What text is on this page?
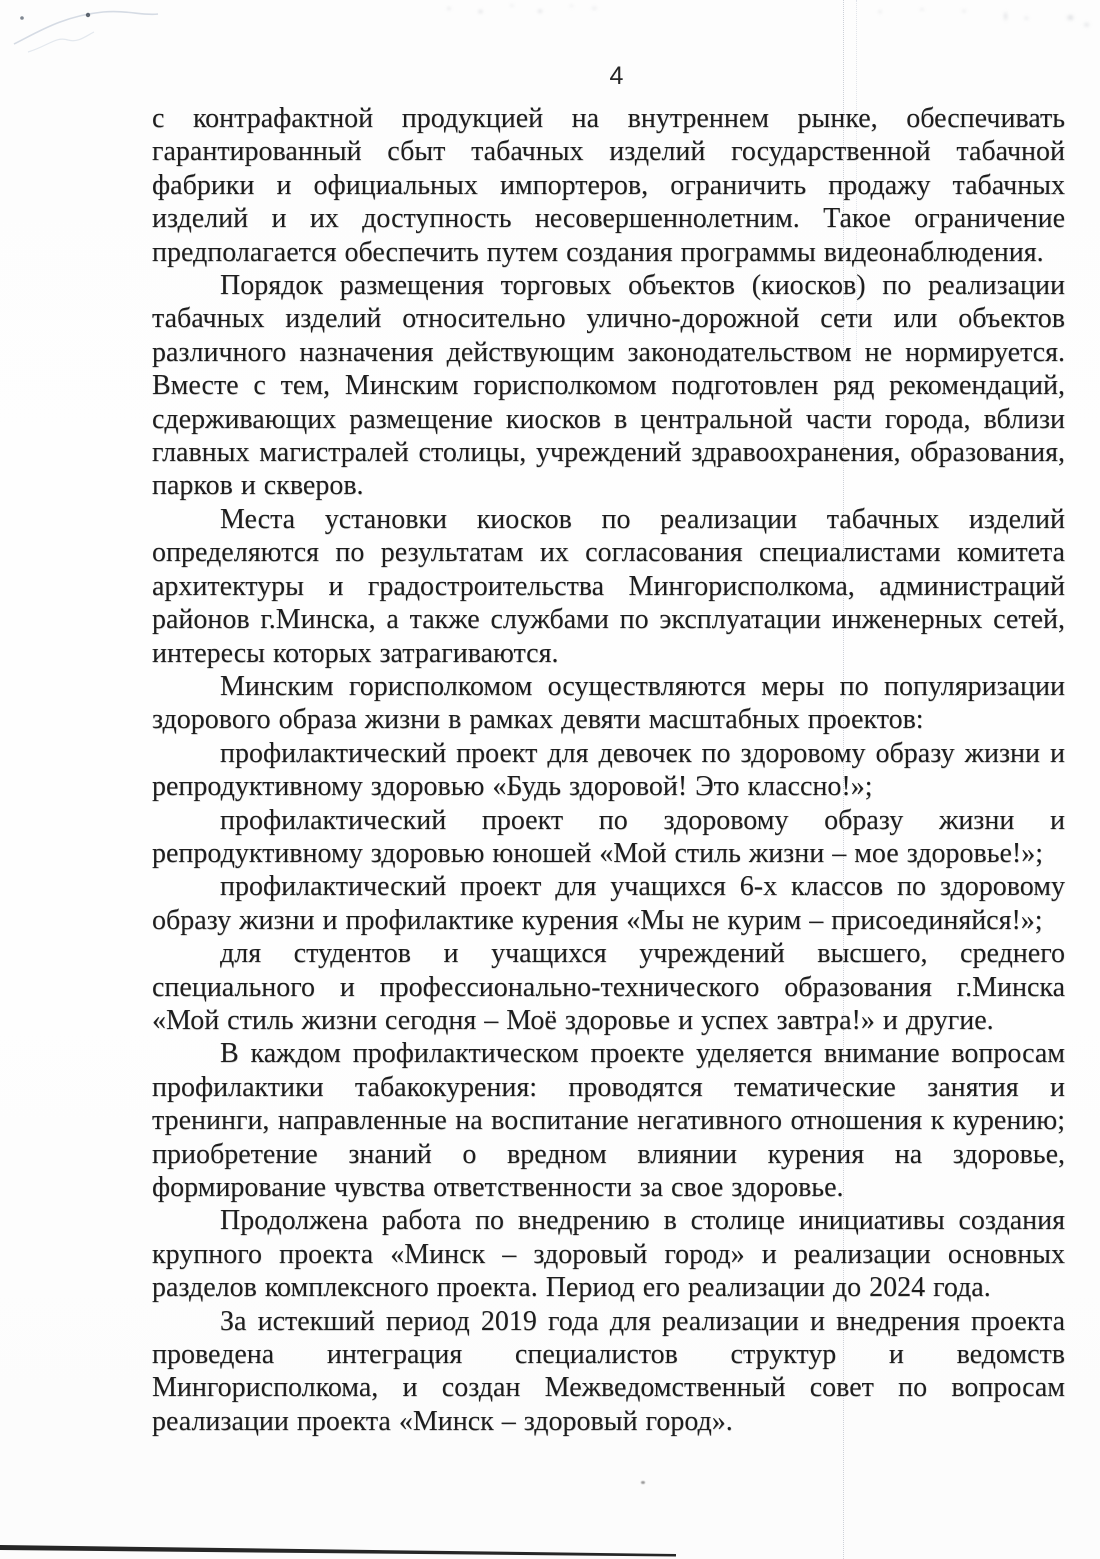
4

с контрафактной продукцией на внутреннем рынке, обеспечивать гарантированный сбыт табачных изделий государственной табачной фабрики и официальных импортеров, ограничить продажу табачных изделий и их доступность несовершеннолетним. Такое ограничение предполагается обеспечить путем создания программы видеонаблюдения.

Порядок размещения торговых объектов (киосков) по реализации табачных изделий относительно улично-дорожной сети или объектов различного назначения действующим законодательством не нормируется. Вместе с тем, Минским горисполкомом подготовлен ряд рекомендаций, сдерживающих размещение киосков в центральной части города, вблизи главных магистралей столицы, учреждений здравоохранения, образования, парков и скверов.

Места установки киосков по реализации табачных изделий определяются по результатам их согласования специалистами комитета архитектуры и градостроительства Мингорисполкома, администраций районов г.Минска, а также службами по эксплуатации инженерных сетей, интересы которых затрагиваются.

Минским горисполкомом осуществляются меры по популяризации здорового образа жизни в рамках девяти масштабных проектов:

профилактический проект для девочек по здоровому образу жизни и репродуктивному здоровью «Будь здоровой! Это классно!»;

профилактический проект по здоровому образу жизни и репродуктивному здоровью юношей «Мой стиль жизни – мое здоровье!»;

профилактический проект для учащихся 6-х классов по здоровому образу жизни и профилактике курения «Мы не курим – присоединяйся!»;

для студентов и учащихся учреждений высшего, среднего специального и профессионально-технического образования г.Минска «Мой стиль жизни сегодня – Моё здоровье и успех завтра!» и другие.

В каждом профилактическом проекте уделяется внимание вопросам профилактики табакокурения: проводятся тематические занятия и тренинги, направленные на воспитание негативного отношения к курению; приобретение знаний о вредном влиянии курения на здоровье, формирование чувства ответственности за свое здоровье.

Продолжена работа по внедрению в столице инициативы создания крупного проекта «Минск – здоровый город» и реализации основных разделов комплексного проекта. Период его реализации до 2024 года.

За истекший период 2019 года для реализации и внедрения проекта проведена интеграция специалистов структур и ведомств Мингорисполкома, и создан Межведомственный совет по вопросам реализации проекта «Минск – здоровый город».
